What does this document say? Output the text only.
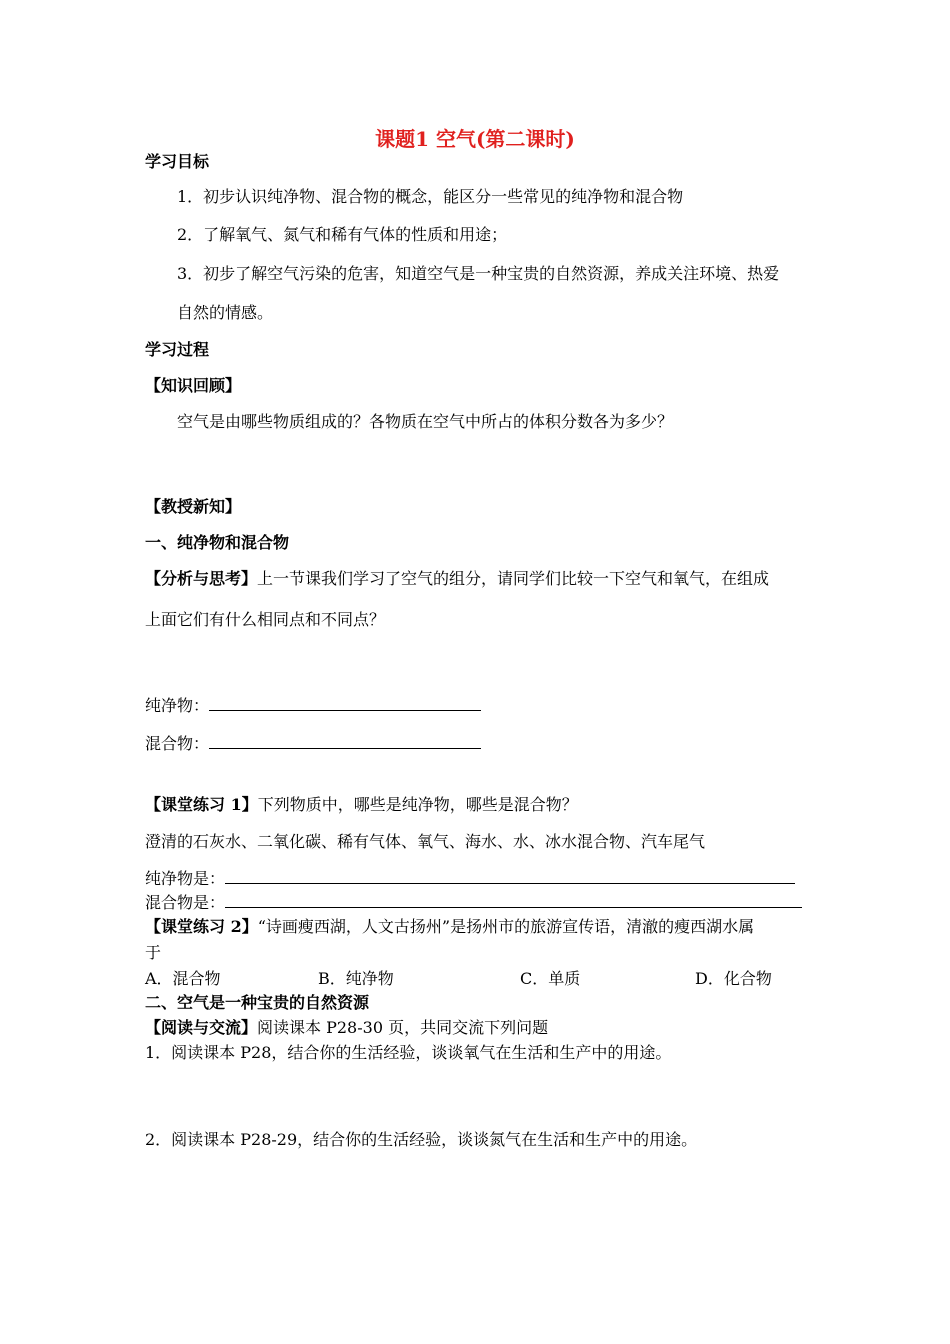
课题1 空气(第二课时)
学习目标
1．初步认识纯净物、混合物的概念，能区分一些常见的纯净物和混合物
2．了解氧气、氮气和稀有气体的性质和用途；
3．初步了解空气污染的危害，知道空气是一种宝贵的自然资源，养成关注环境、热爱
自然的情感。
学习过程
【知识回顾】
空气是由哪些物质组成的？各物质在空气中所占的体积分数各为多少？
【教授新知】
一、纯净物和混合物
【分析与思考】上一节课我们学习了空气的组分，请同学们比较一下空气和氧气，在组成
上面它们有什么相同点和不同点？
纯净物：
混合物：
【课堂练习 1】下列物质中，哪些是纯净物，哪些是混合物？
澄清的石灰水、二氧化碳、稀有气体、氧气、海水、水、冰水混合物、汽车尾气
纯净物是：
混合物是：
【课堂练习 2】“诗画瘦西湖，人文古扬州”是扬州市的旅游宣传语，清澈的瘦西湖水属
于
A．混合物	B．纯净物	C．单质	D．化合物
二、空气是一种宝贵的自然资源
【阅读与交流】阅读课本 P28-30 页，共同交流下列问题
1．阅读课本 P28，结合你的生活经验，谈谈氧气在生活和生产中的用途。
2．阅读课本 P28-29，结合你的生活经验，谈谈氮气在生活和生产中的用途。
